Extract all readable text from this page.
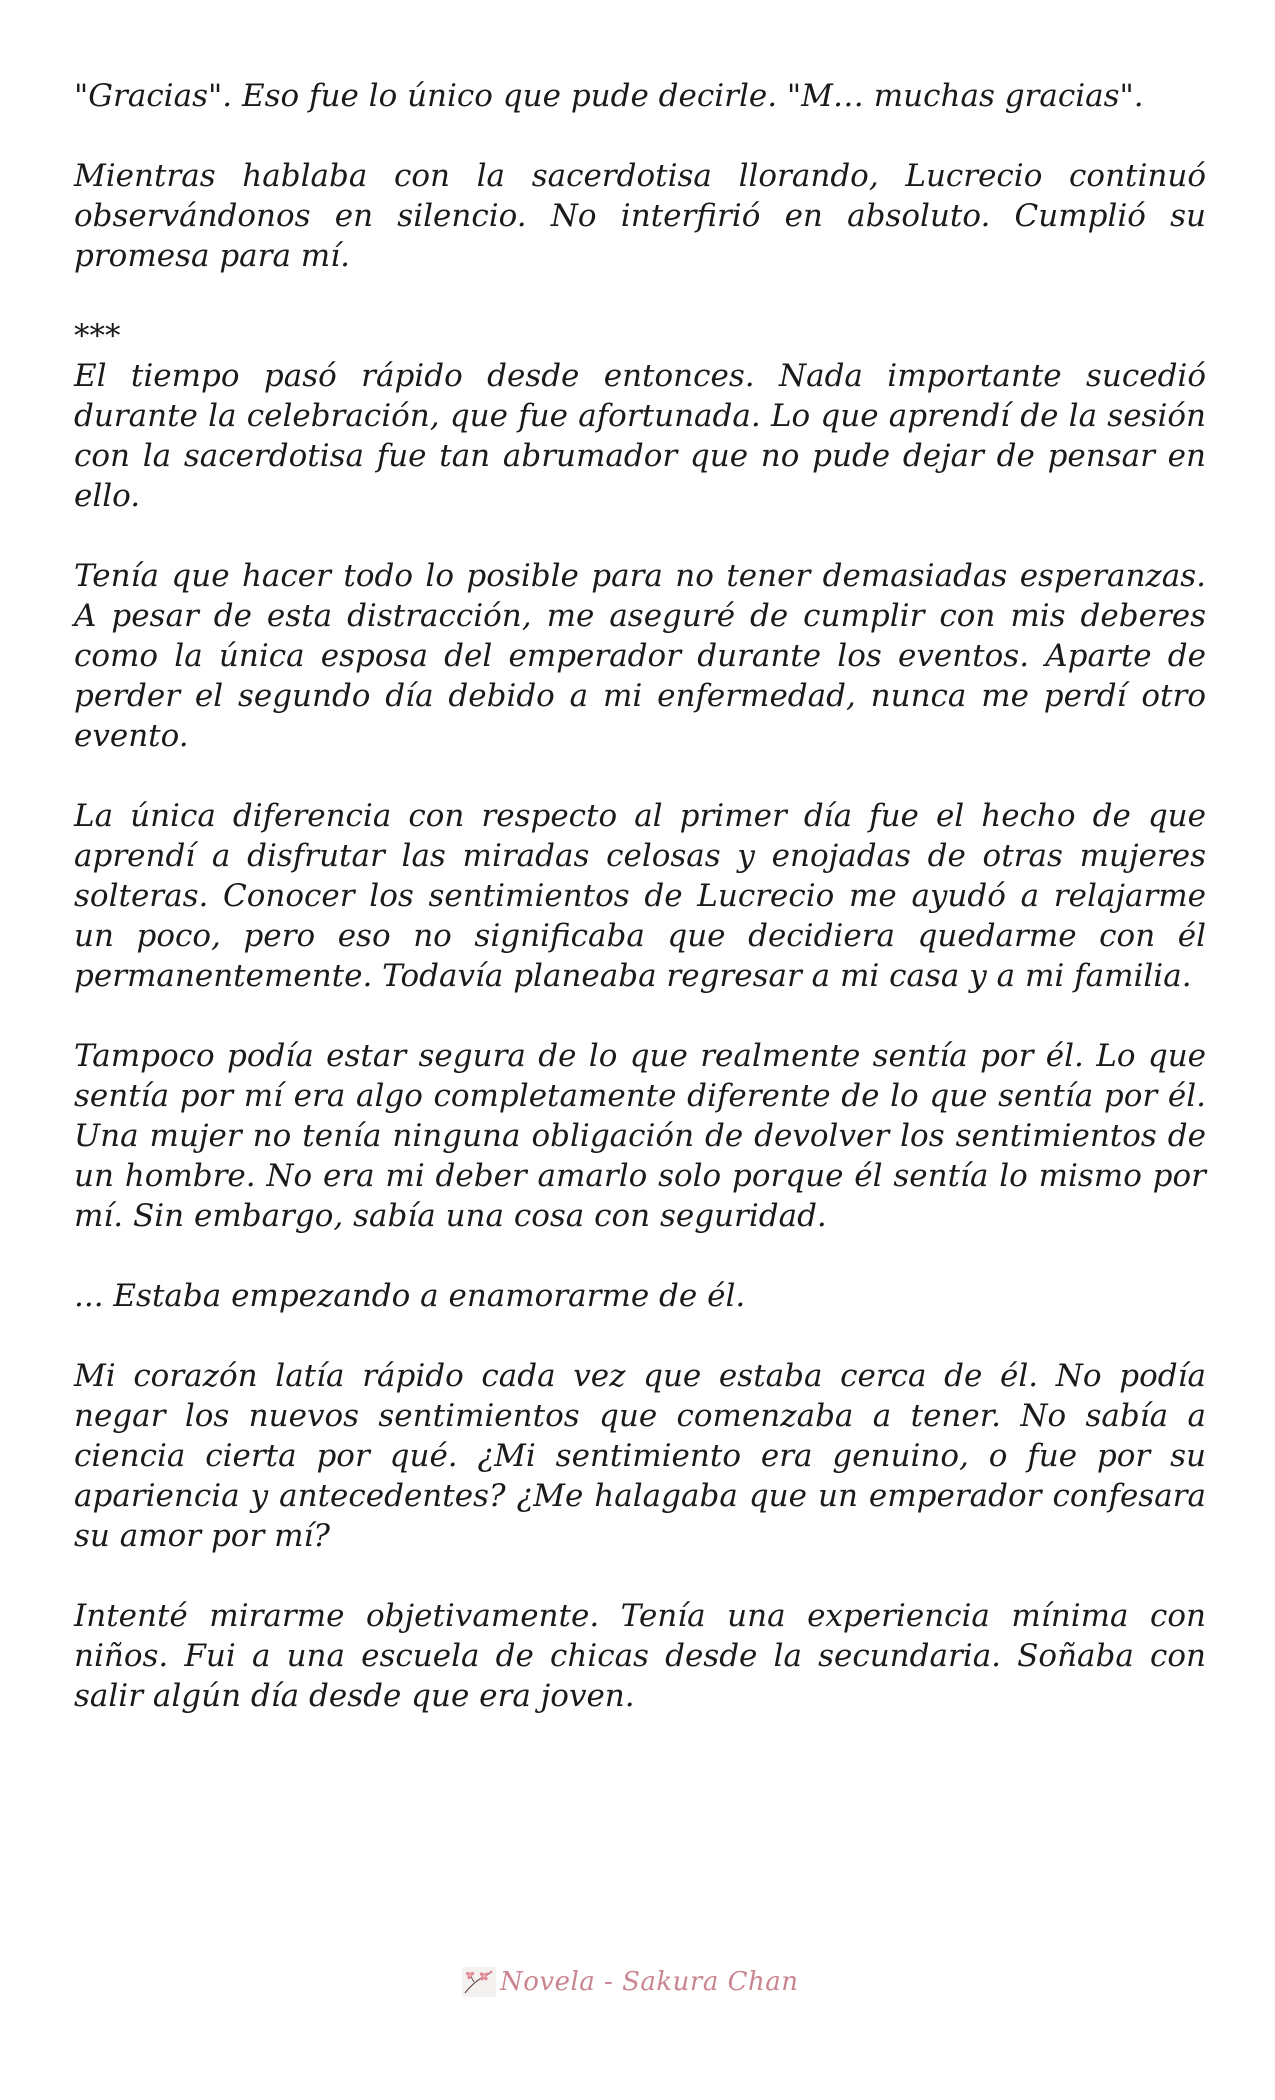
"Gracias". Eso fue lo único que pude decirle. "M… muchas gracias".

Mientras hablaba con la sacerdotisa llorando, Lucrecio continuó observándonos en silencio. No interfirió en absoluto. Cumplió su promesa para mí.

***

El tiempo pasó rápido desde entonces. Nada importante sucedió durante la celebración, que fue afortunada. Lo que aprendí de la sesión con la sacerdotisa fue tan abrumador que no pude dejar de pensar en ello.

Tenía que hacer todo lo posible para no tener demasiadas esperanzas. A pesar de esta distracción, me aseguré de cumplir con mis deberes como la única esposa del emperador durante los eventos. Aparte de perder el segundo día debido a mi enfermedad, nunca me perdí otro evento.

La única diferencia con respecto al primer día fue el hecho de que aprendí a disfrutar las miradas celosas y enojadas de otras mujeres solteras. Conocer los sentimientos de Lucrecio me ayudó a relajarme un poco, pero eso no significaba que decidiera quedarme con él permanentemente. Todavía planeaba regresar a mi casa y a mi familia.

Tampoco podía estar segura de lo que realmente sentía por él. Lo que sentía por mí era algo completamente diferente de lo que sentía por él. Una mujer no tenía ninguna obligación de devolver los sentimientos de un hombre. No era mi deber amarlo solo porque él sentía lo mismo por mí. Sin embargo, sabía una cosa con seguridad.

... Estaba empezando a enamorarme de él.

Mi corazón latía rápido cada vez que estaba cerca de él. No podía negar los nuevos sentimientos que comenzaba a tener. No sabía a ciencia cierta por qué. ¿Mi sentimiento era genuino, o fue por su apariencia y antecedentes? ¿Me halagaba que un emperador confesara su amor por mí?

Intenté mirarme objetivamente. Tenía una experiencia mínima con niños. Fui a una escuela de chicas desde la secundaria. Soñaba con salir algún día desde que era joven.

Novela - Sakura Chan
